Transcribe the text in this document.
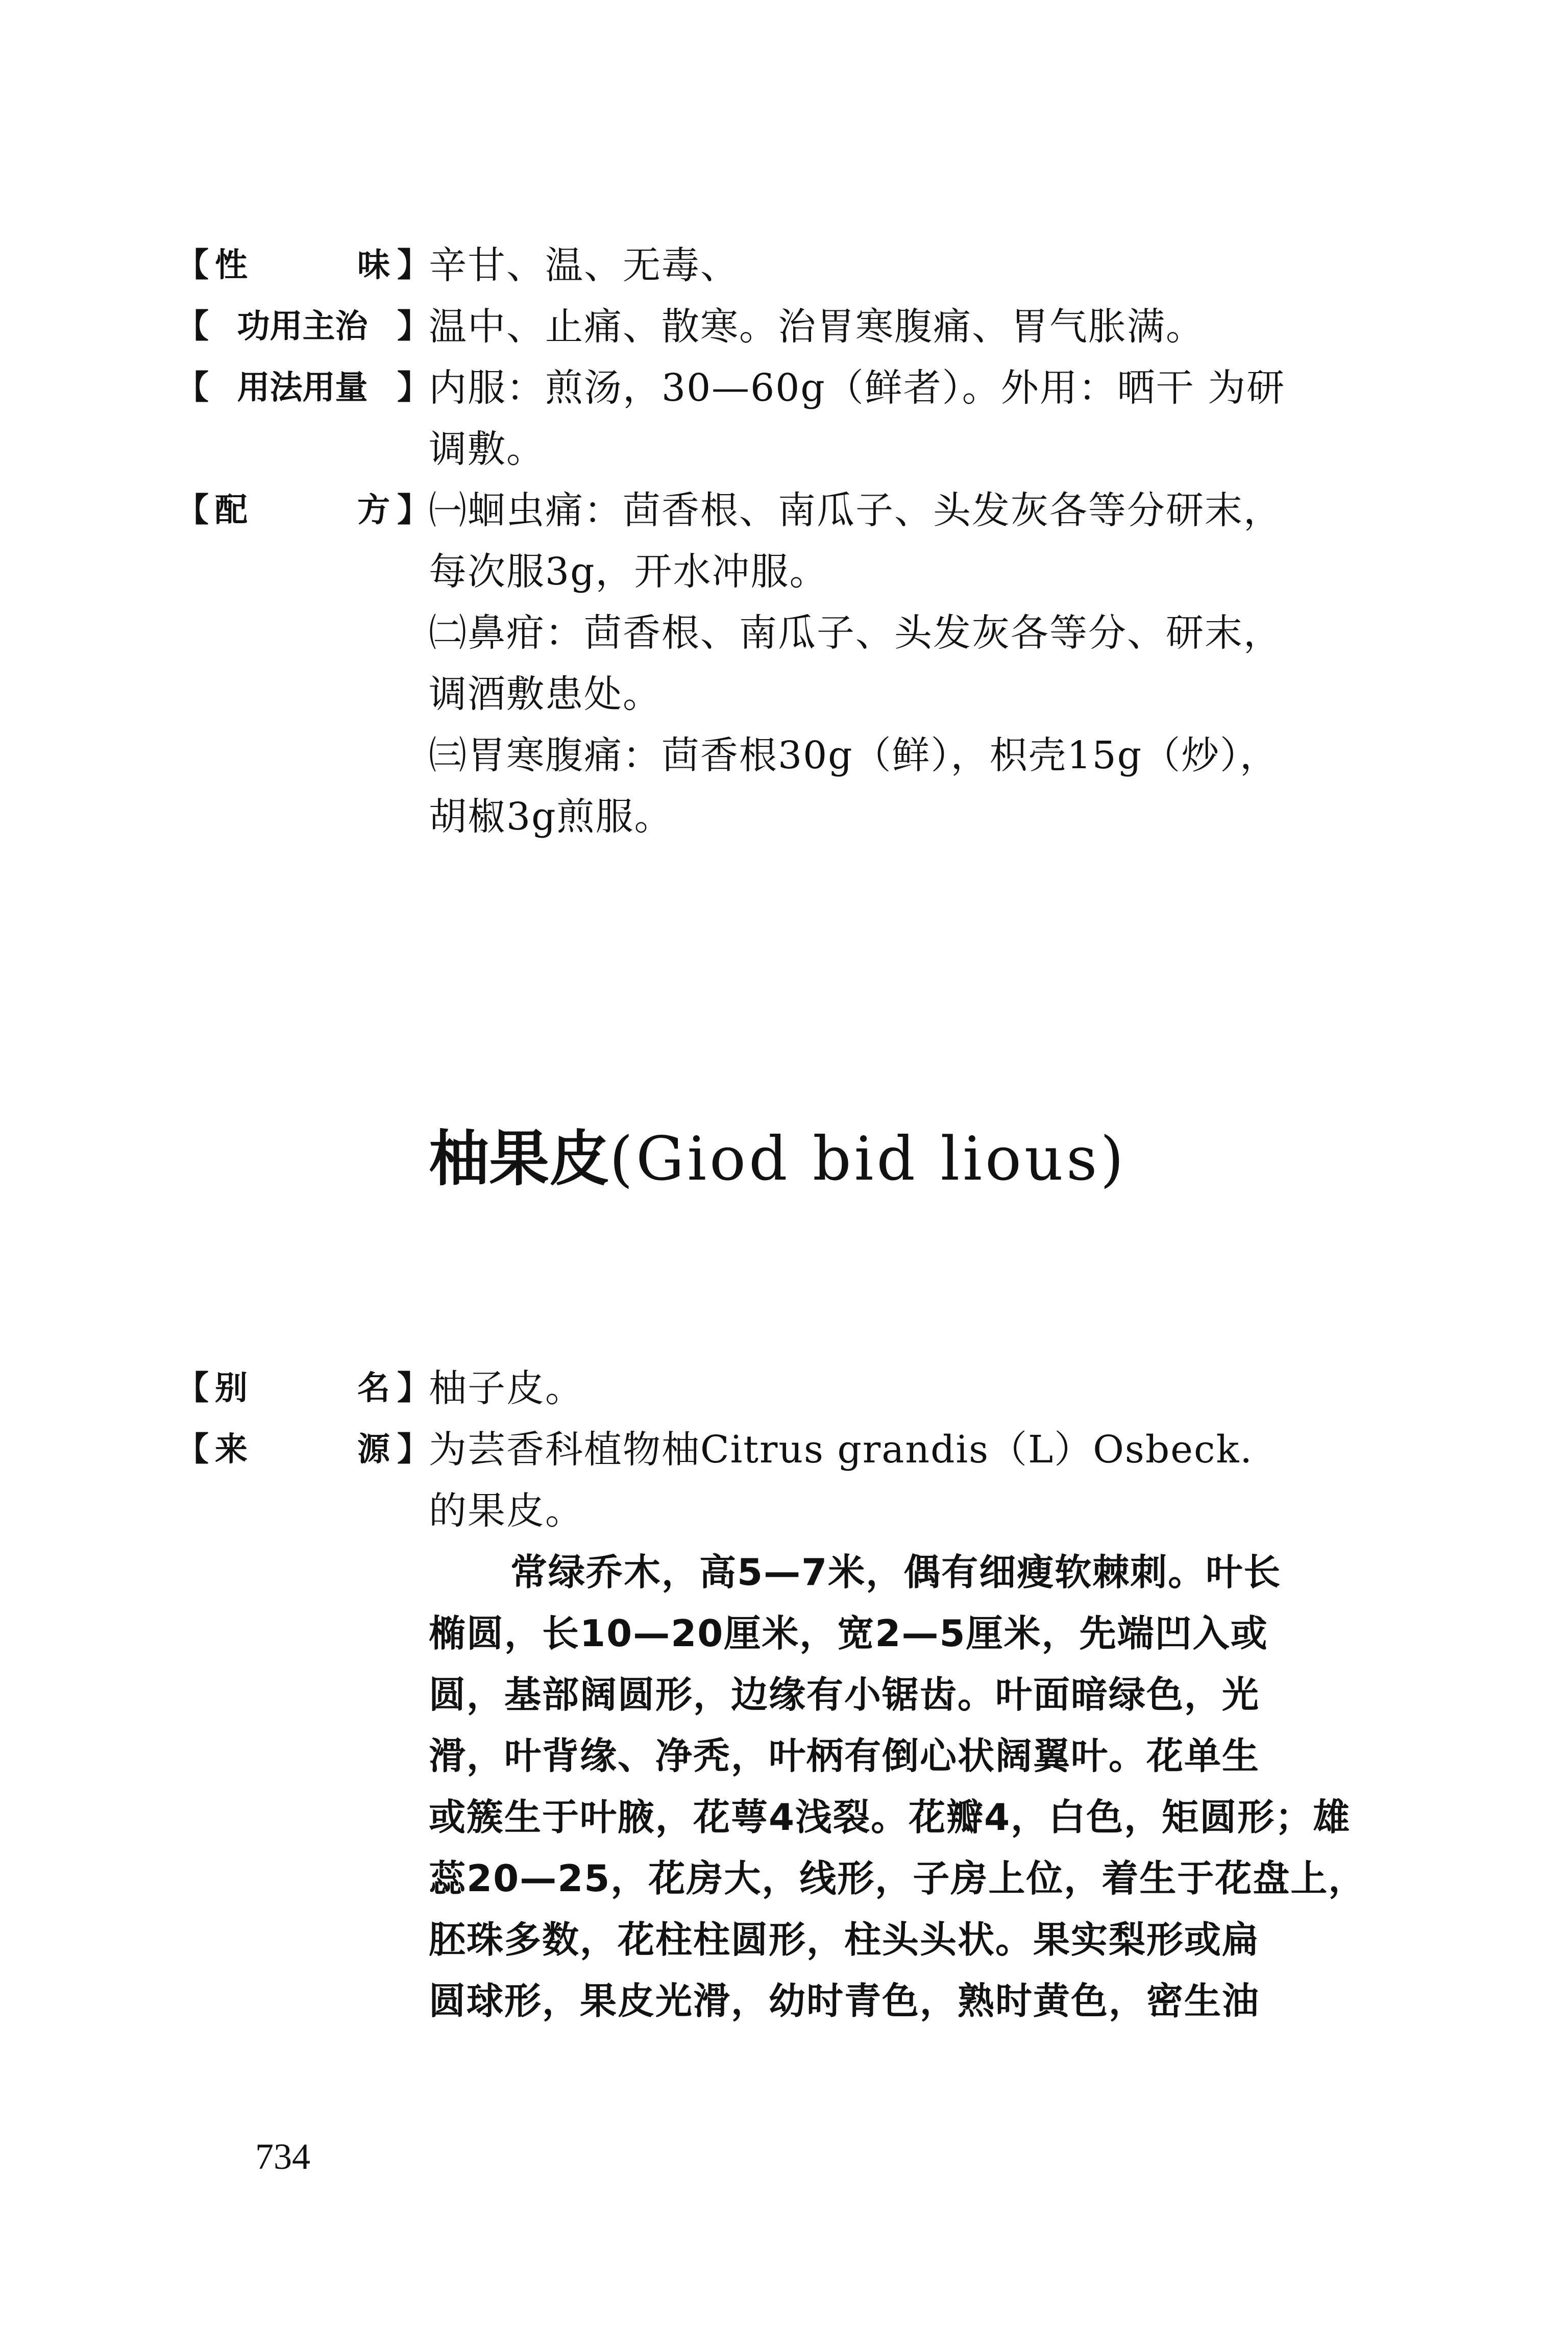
【 性	味 】

辛甘、温、无毒、

【 功用主治 】

温中、止痛、散寒。治胃寒腹痛、胃气胀满。

【 用法用量 】

内服：煎汤，30—60g（鲜者）。外用：晒干 为研

调敷。

【 配	方 】

㈠蛔虫痛：茴香根、南瓜子、头发灰各等分研末，

每次服3g，开水冲服。

㈡鼻疳：茴香根、南瓜子、头发灰各等分、研末，

调酒敷患处。

㈢胃寒腹痛：茴香根30g（鲜），枳壳15g（炒），

胡椒3g煎服。

柚果皮(Giod bid lious)
【 别	名 】

柚子皮。

【 来	源 】

为芸香科植物柚Citrus grandis（L）Osbeck.

的果皮。

常绿乔木，高5—7米，偶有细瘦软棘刺。叶长

椭圆，长10—20厘米，宽2—5厘米，先端凹入或

圆，基部阔圆形，边缘有小锯齿。叶面暗绿色，光

滑，叶背缘、净秃，叶柄有倒心状阔翼叶。花单生

或簇生于叶腋，花萼4浅裂。花瓣4，白色，矩圆形；雄

蕊20—25，花房大，线形，子房上位，着生于花盘上，

胚珠多数，花柱柱圆形，柱头头状。果实梨形或扁

圆球形，果皮光滑，幼时青色，熟时黄色，密生油

734
